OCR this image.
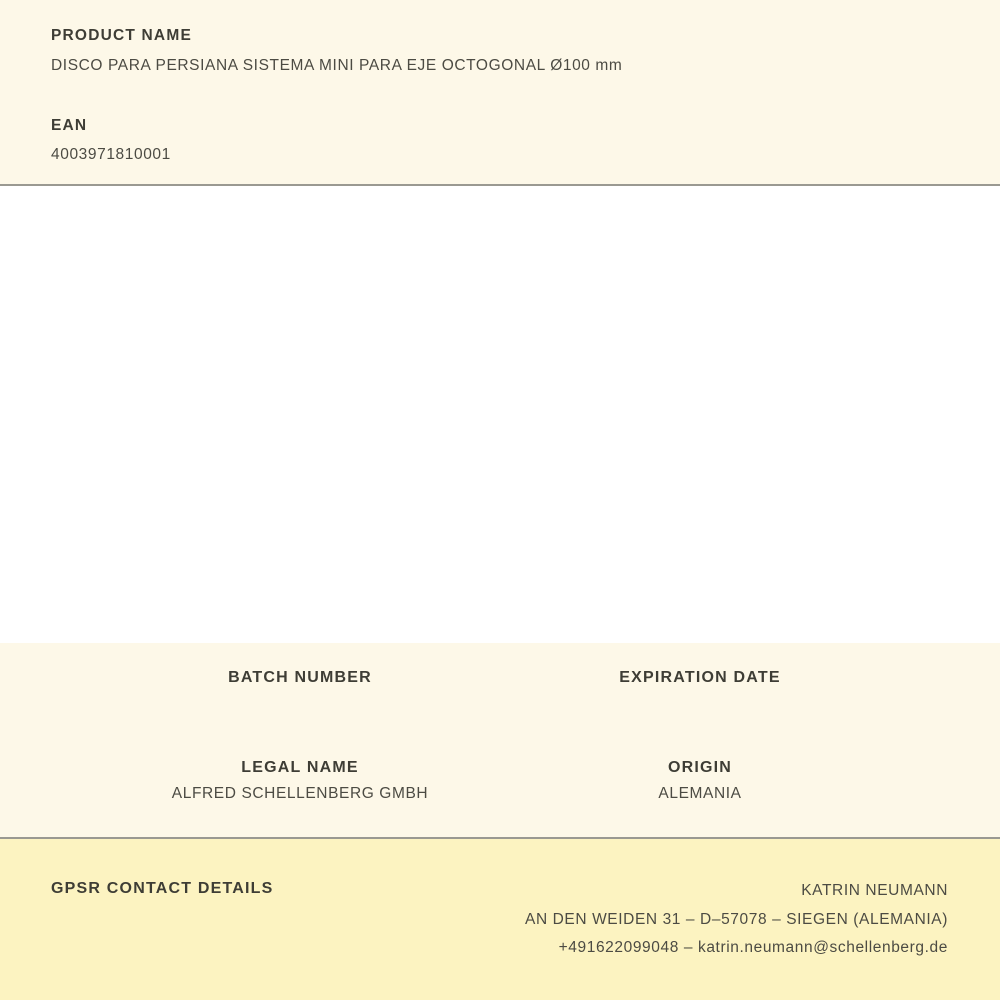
PRODUCT NAME
DISCO PARA PERSIANA SISTEMA MINI PARA EJE OCTOGONAL Ø100 mm
EAN
4003971810001
BATCH NUMBER	EXPIRATION DATE
LEGAL NAME
ALFRED SCHELLENBERG GMBH
ORIGIN
ALEMANIA
GPSR CONTACT DETAILS	KATRIN NEUMANN
AN DEN WEIDEN 31 – D–57078 – SIEGEN (ALEMANIA)
+491622099048 – katrin.neumann@schellenberg.de
